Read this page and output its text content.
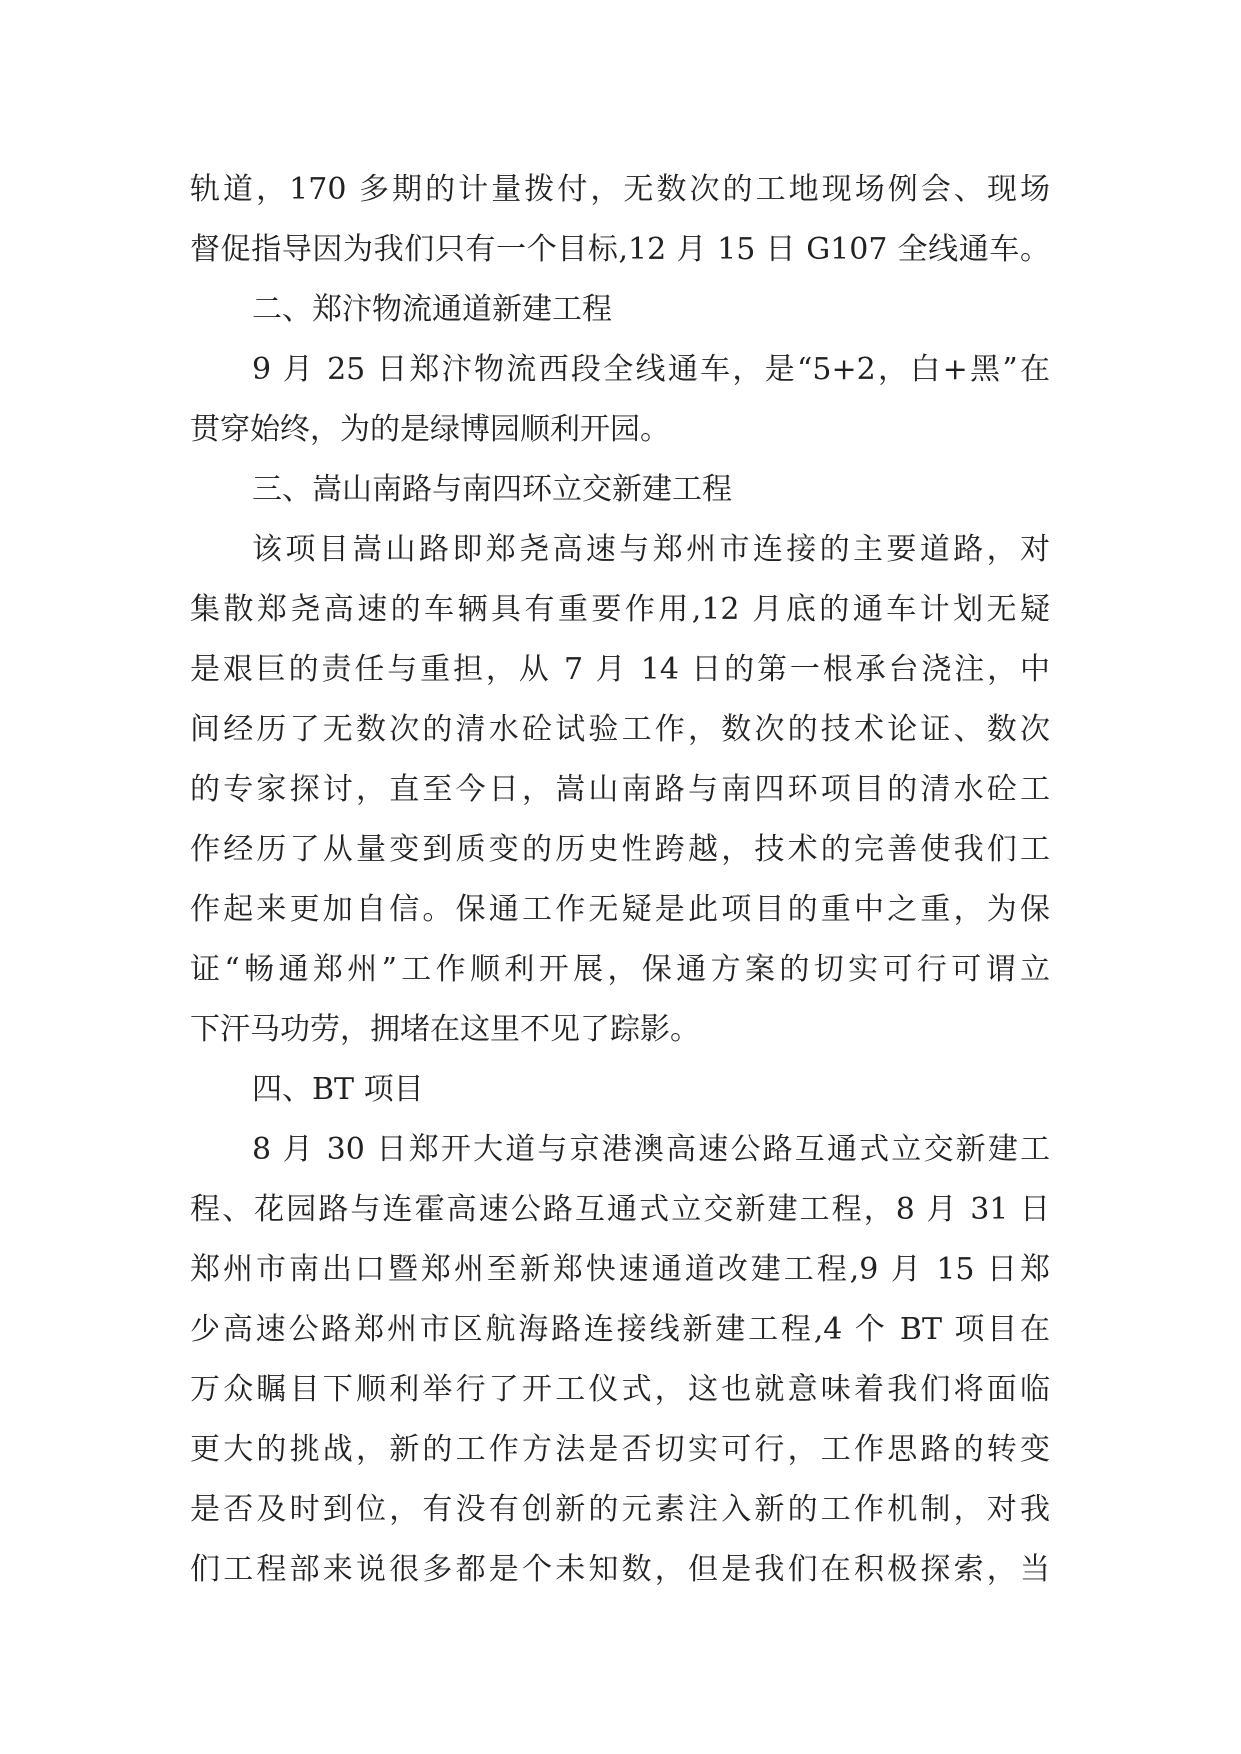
轨道，170 多期的计量拨付，无数次的工地现场例会、现场
督促指导因为我们只有一个目标,12 月 15 日 G107 全线通车。
二、郑汴物流通道新建工程
9 月 25 日郑汴物流西段全线通车，是“5+2，白+黑”在
贯穿始终，为的是绿博园顺利开园。
三、嵩山南路与南四环立交新建工程
该项目嵩山路即郑尧高速与郑州市连接的主要道路，对
集散郑尧高速的车辆具有重要作用,12 月底的通车计划无疑
是艰巨的责任与重担，从 7 月 14 日的第一根承台浇注，中
间经历了无数次的清水砼试验工作，数次的技术论证、数次
的专家探讨，直至今日，嵩山南路与南四环项目的清水砼工
作经历了从量变到质变的历史性跨越，技术的完善使我们工
作起来更加自信。保通工作无疑是此项目的重中之重，为保
证“畅通郑州”工作顺利开展，保通方案的切实可行可谓立
下汗马功劳，拥堵在这里不见了踪影。
四、BT 项目
8 月 30 日郑开大道与京港澳高速公路互通式立交新建工
程、花园路与连霍高速公路互通式立交新建工程，8 月 31 日
郑州市南出口暨郑州至新郑快速通道改建工程,9 月 15 日郑
少高速公路郑州市区航海路连接线新建工程,4 个 BT 项目在
万众瞩目下顺利举行了开工仪式，这也就意味着我们将面临
更大的挑战，新的工作方法是否切实可行，工作思路的转变
是否及时到位，有没有创新的元素注入新的工作机制，对我
们工程部来说很多都是个未知数，但是我们在积极探索，当
